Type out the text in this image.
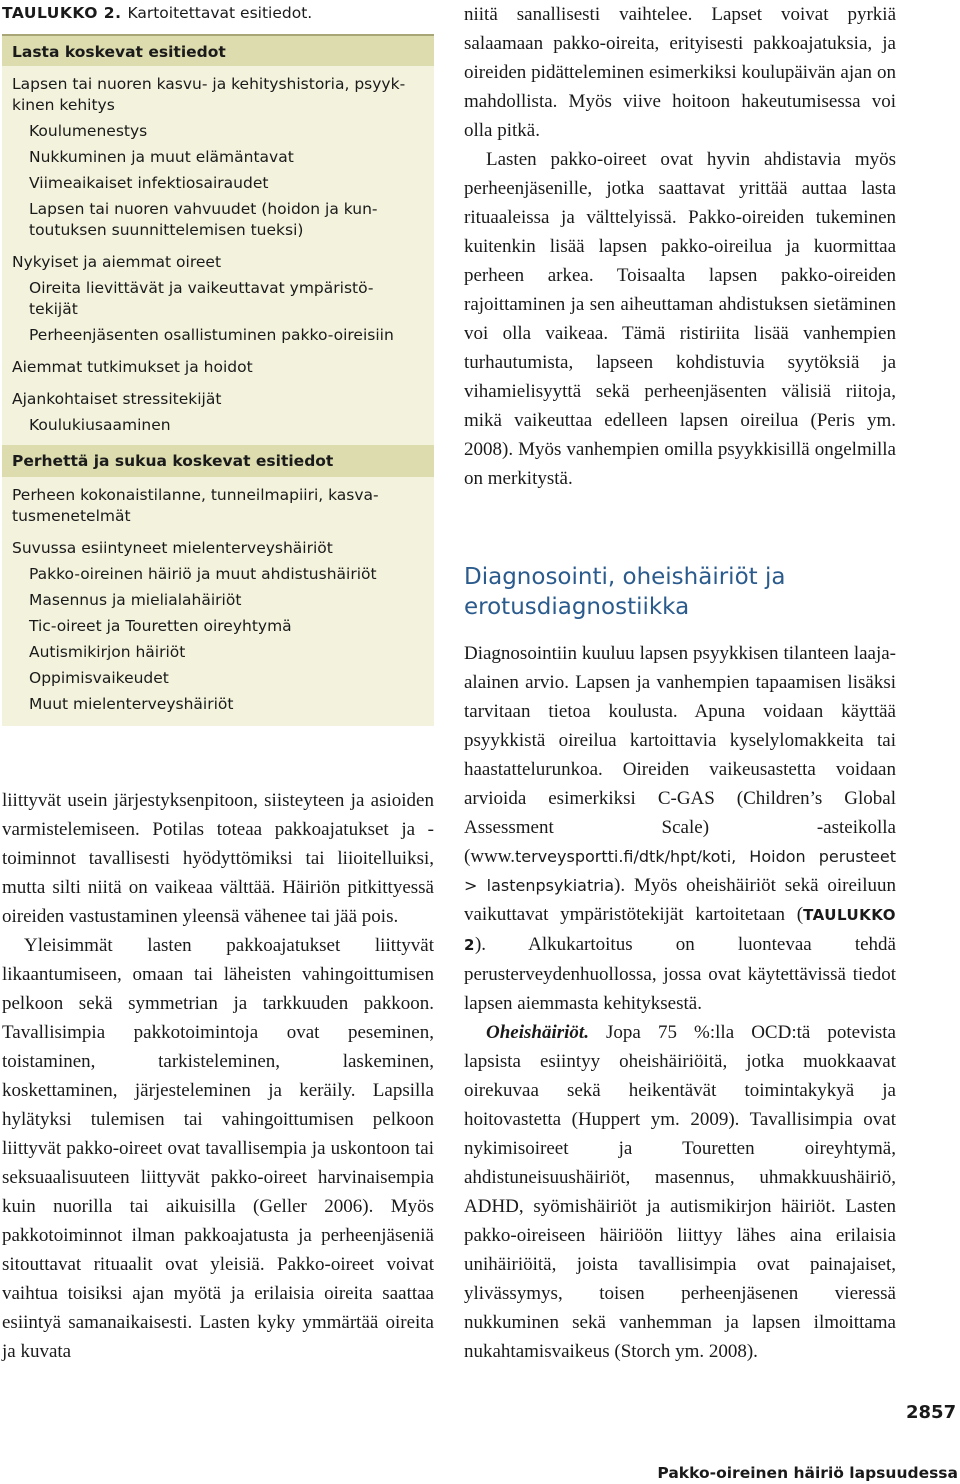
TAULUKKO 2. Kartoitettavat esitiedot.
Lasta koskevat esitiedot
Lapsen tai nuoren kasvu- ja kehityshistoria, psyyk-
kinen kehitys
Koulumenestys
Nukkuminen ja muut elämäntavat
Viimeaikaiset infektiosairaudet
Lapsen tai nuoren vahvuudet (hoidon ja kun-
toutuksen suunnittelemisen tueksi)
Nykyiset ja aiemmat oireet
Oireita lievittävät ja vaikeuttavat ympäristö-
tekijät
Perheenjäsenten osallistuminen pakko-oireisiin
Aiemmat tutkimukset ja hoidot
Ajankohtaiset stressitekijät
Koulukiusaaminen
Perhettä ja sukua koskevat esitiedot
Perheen kokonaistilanne, tunneilmapiiri, kasva-
tusmenetelmät
Suvussa esiintyneet mielenterveyshäiriöt
Pakko-oireinen häiriö ja muut ahdistushäiriöt
Masennus ja mielialahäiriöt
Tic-oireet ja Touretten oireyhtymä
Autismikirjon häiriöt
Oppimisvaikeudet
Muut mielenterveyshäiriöt

liittyvät usein järjestyksenpitoon, siisteyteen ja asioiden varmistelemiseen. Potilas toteaa pakkoajatukset ja -toiminnot tavallisesti hyödyttömiksi tai liioitelluiksi, mutta silti niitä on vaikeaa välttää. Häiriön pitkittyessä oireiden vastustaminen yleensä vähenee tai jää pois.

Yleisimmät lasten pakkoajatukset liittyvät likaantumiseen, omaan tai läheisten vahingoittumisen pelkoon sekä symmetrian ja tarkkuuden pakkoon. Tavallisimpia pakkotoimintoja ovat peseminen, toistaminen, tarkisteleminen, laskeminen, koskettaminen, järjesteleminen ja keräily. Lapsilla hylätyksi tulemisen tai vahingoittumisen pelkoon liittyvät pakko-oireet ovat tavallisempia ja uskontoon tai seksuaalisuuteen liittyvät pakko-oireet harvinaisempia kuin nuorilla tai aikuisilla (Geller 2006). Myös pakkotoiminnot ilman pakkoajatusta ja perheenjäseniä sitouttavat rituaalit ovat yleisiä. Pakko-oireet voivat vaihtua toisiksi ajan myötä ja erilaisia oireita saattaa esiintyä samanaikaisesti. Lasten kyky ymmärtää oireita ja kuvata

niitä sanallisesti vaihtelee. Lapset voivat pyrkiä salaamaan pakko-oireita, erityisesti pakkoajatuksia, ja oireiden pidätteleminen esimerkiksi koulupäivän ajan on mahdollista. Myös viive hoitoon hakeutumisessa voi olla pitkä.

Lasten pakko-oireet ovat hyvin ahdistavia myös perheenjäsenille, jotka saattavat yrittää auttaa lasta rituaaleissa ja välttelyissä. Pakko-oireiden tukeminen kuitenkin lisää lapsen pakko-oireilua ja kuormittaa perheen arkea. Toisaalta lapsen pakko-oireiden rajoittaminen ja sen aiheuttaman ahdistuksen sietäminen voi olla vaikeaa. Tämä ristiriita lisää vanhempien turhautumista, lapseen kohdistuvia syytöksiä ja vihamielisyyttä sekä perheenjäsenten välisiä riitoja, mikä vaikeuttaa edelleen lapsen oireilua (Peris ym. 2008). Myös vanhempien omilla psyykkisillä ongelmilla on merkitystä.

Diagnosointi, oheishäiriöt ja
erotusdiagnostiikka

Diagnosointiin kuuluu lapsen psyykkisen tilanteen laaja-alainen arvio. Lapsen ja vanhempien tapaamisen lisäksi tarvitaan tietoa koulusta. Apuna voidaan käyttää psyykkistä oireilua kartoittavia kyselylomakkeita tai haastattelurunkoa. Oireiden vaikeusastetta voidaan arvioida esimerkiksi C-GAS (Children’s Global Assessment Scale) -asteikolla (www.terveysportti.fi/dtk/hpt/koti, Hoidon perusteet > lastenpsykiatria). Myös oheishäiriöt sekä oireiluun vaikuttavat ympäristötekijät kartoitetaan (TAULUKKO 2). Alkukartoitus on luontevaa tehdä perusterveydenhuollossa, jossa ovat käytettävissä tiedot lapsen aiemmasta kehityksestä.

Oheishäiriöt. Jopa 75 %:lla OCD:tä potevista lapsista esiintyy oheishäiriöitä, jotka muokkaavat oirekuvaa sekä heikentävät toimintakykyä ja hoitovastetta (Huppert ym. 2009). Tavallisimpia ovat nykimisoireet ja Touretten oireyhtymä, ahdistuneisuushäiriöt, masennus, uhmakkuushäiriö, ADHD, syömishäiriöt ja autismikirjon häiriöt. Lasten pakko-oireiseen häiriöön liittyy lähes aina erilaisia unihäiriöitä, joista tavallisimpia ovat painajaiset, ylivässymys, toisen perheenjäsenen vieressä nukkuminen sekä vanhemman ja lapsen ilmoittama nukahtamisvaikeus (Storch ym. 2008).

2857
Pakko-oireinen häiriö lapsuudessa
